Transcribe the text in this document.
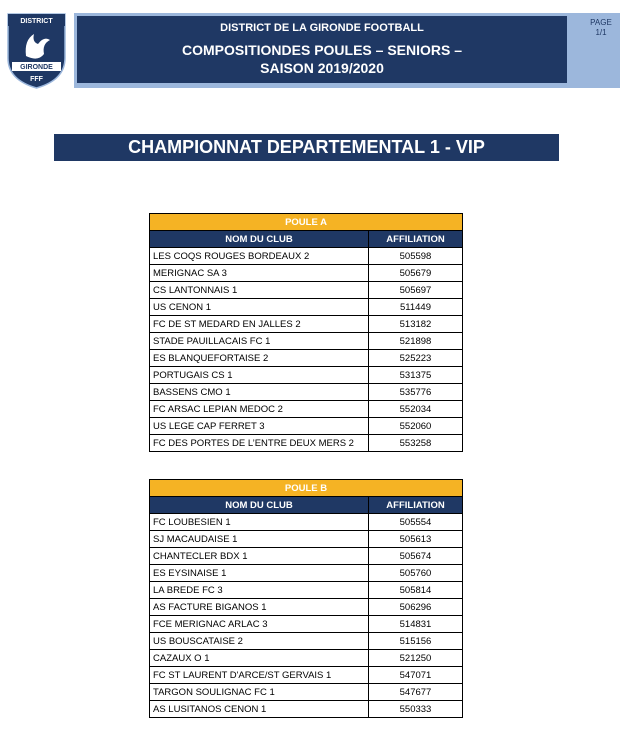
DISTRICT
GIRONDE
FFF
DISTRICT DE LA GIRONDE FOOTBALL
COMPOSITIONDES POULES – SENIORS –
SAISON 2019/2020
PAGE
1/1
CHAMPIONNAT DEPARTEMENTAL 1 - VIP
POULE A	
NOM DU CLUB	AFFILIATION
LES COQS ROUGES BORDEAUX 2	505598
MERIGNAC SA 3	505679
CS LANTONNAIS 1	505697
US CENON 1	511449
FC DE ST MEDARD EN JALLES 2	513182
STADE PAUILLACAIS FC 1	521898
ES BLANQUEFORTAISE 2	525223
PORTUGAIS CS 1	531375
BASSENS CMO 1	535776
FC ARSAC LEPIAN MEDOC 2	552034
US LEGE CAP FERRET 3	552060
FC DES PORTES DE L’ENTRE DEUX MERS 2	553258
POULE B	
NOM DU CLUB	AFFILIATION
FC LOUBESIEN 1	505554
SJ MACAUDAISE 1	505613
CHANTECLER BDX 1	505674
ES EYSINAISE 1	505760
LA BREDE FC 3	505814
AS FACTURE BIGANOS 1	506296
FCE MERIGNAC ARLAC 3	514831
US BOUSCATAISE 2	515156
CAZAUX O 1	521250
FC ST LAURENT D'ARCE/ST GERVAIS 1	547071
TARGON SOULIGNAC FC 1	547677
AS LUSITANOS CENON 1	550333
